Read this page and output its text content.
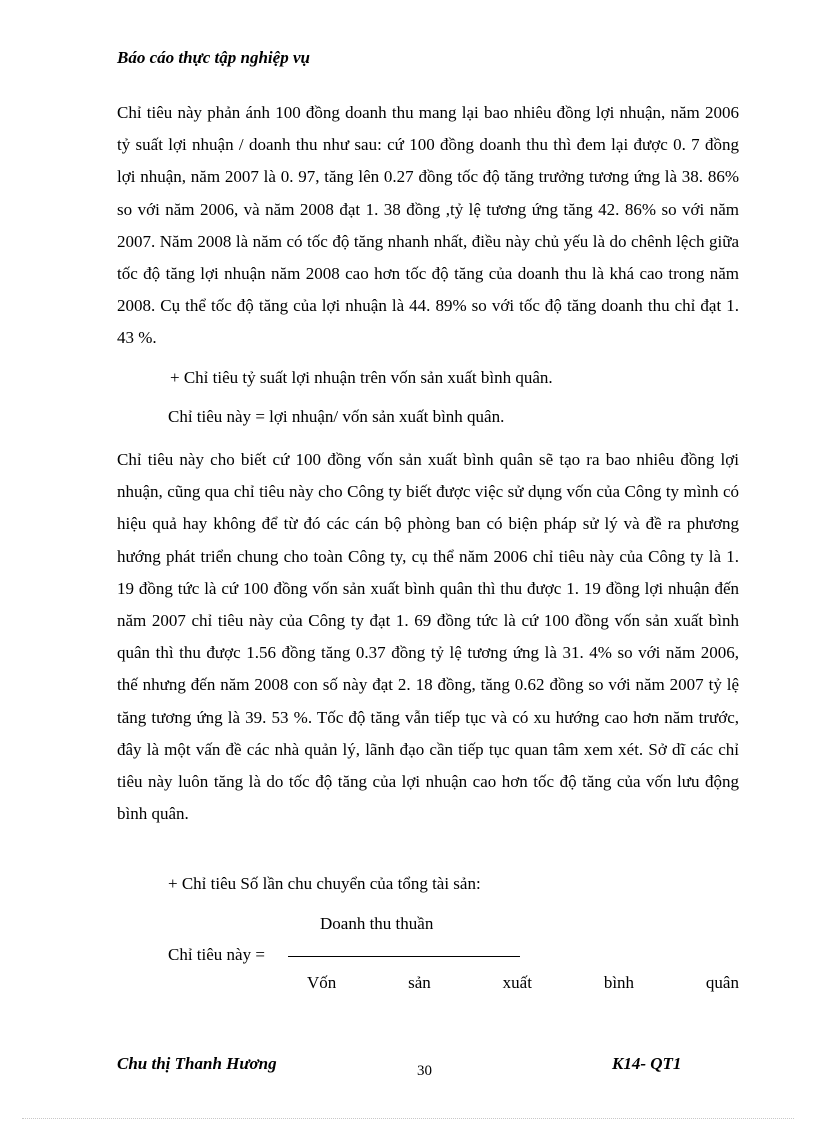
Báo cáo thực tập nghiệp vụ
Chỉ tiêu này phản ánh 100 đồng doanh thu mang lại bao nhiêu đồng lợi nhuận, năm 2006 tỷ suất lợi nhuận / doanh thu như sau: cứ 100 đồng doanh thu thì đem lại được 0. 7 đồng lợi nhuận, năm 2007 là 0. 97, tăng lên 0.27 đồng tốc độ tăng trưởng tương ứng là 38. 86% so với năm 2006, và năm 2008 đạt 1. 38 đồng ,tỷ lệ tương ứng tăng 42. 86% so với năm 2007. Năm 2008 là năm có tốc độ tăng nhanh nhất, điều này chủ yếu là do chênh lệch giữa tốc độ tăng lợi nhuận năm 2008 cao hơn tốc độ tăng của doanh thu là khá cao trong năm 2008. Cụ thể tốc độ tăng của lợi nhuận là 44. 89% so với tốc độ tăng doanh thu chỉ đạt 1. 43 %.
+ Chỉ tiêu tỷ suất lợi nhuận trên vốn sản xuất bình quân.
Chỉ tiêu này = lợi nhuận/ vốn sản xuất bình quân.
Chỉ tiêu này cho biết cứ 100 đồng vốn sản xuất bình quân sẽ tạo ra bao nhiêu đồng lợi nhuận, cũng qua chỉ tiêu này cho Công ty biết được việc sử dụng vốn của Công ty mình có hiệu quả hay không để từ đó các cán bộ phòng ban có biện pháp sử lý và đề ra phương hướng phát triển chung cho toàn Công ty, cụ thể năm 2006 chỉ tiêu này của Công ty là 1. 19 đồng tức là cứ 100 đồng vốn sản xuất bình quân thì thu được 1. 19 đồng lợi nhuận đến năm 2007 chỉ tiêu này của Công ty đạt 1. 69 đồng tức là cứ 100 đồng vốn sản xuất bình quân thì thu được 1.56 đồng tăng 0.37 đồng tỷ lệ tương ứng là 31. 4% so với năm 2006, thế nhưng đến năm 2008 con số này đạt 2. 18 đồng, tăng 0.62 đồng so với năm 2007 tỷ lệ tăng tương ứng là 39. 53 %. Tốc độ tăng vẫn tiếp tục và có xu hướng cao hơn năm trước, đây là một vấn đề các nhà quản lý, lãnh đạo cần tiếp tục quan tâm xem xét. Sở dĩ các chỉ tiêu này luôn tăng là do tốc độ tăng của lợi nhuận cao hơn tốc độ tăng của vốn lưu động bình quân.
+ Chỉ tiêu Số lần chu chuyển của tổng tài sản:
Doanh thu thuần
Chỉ tiêu này =
Vốn	sản	xuất	bình	quân
Chu thị Thanh Hương	30	K14- QT1
